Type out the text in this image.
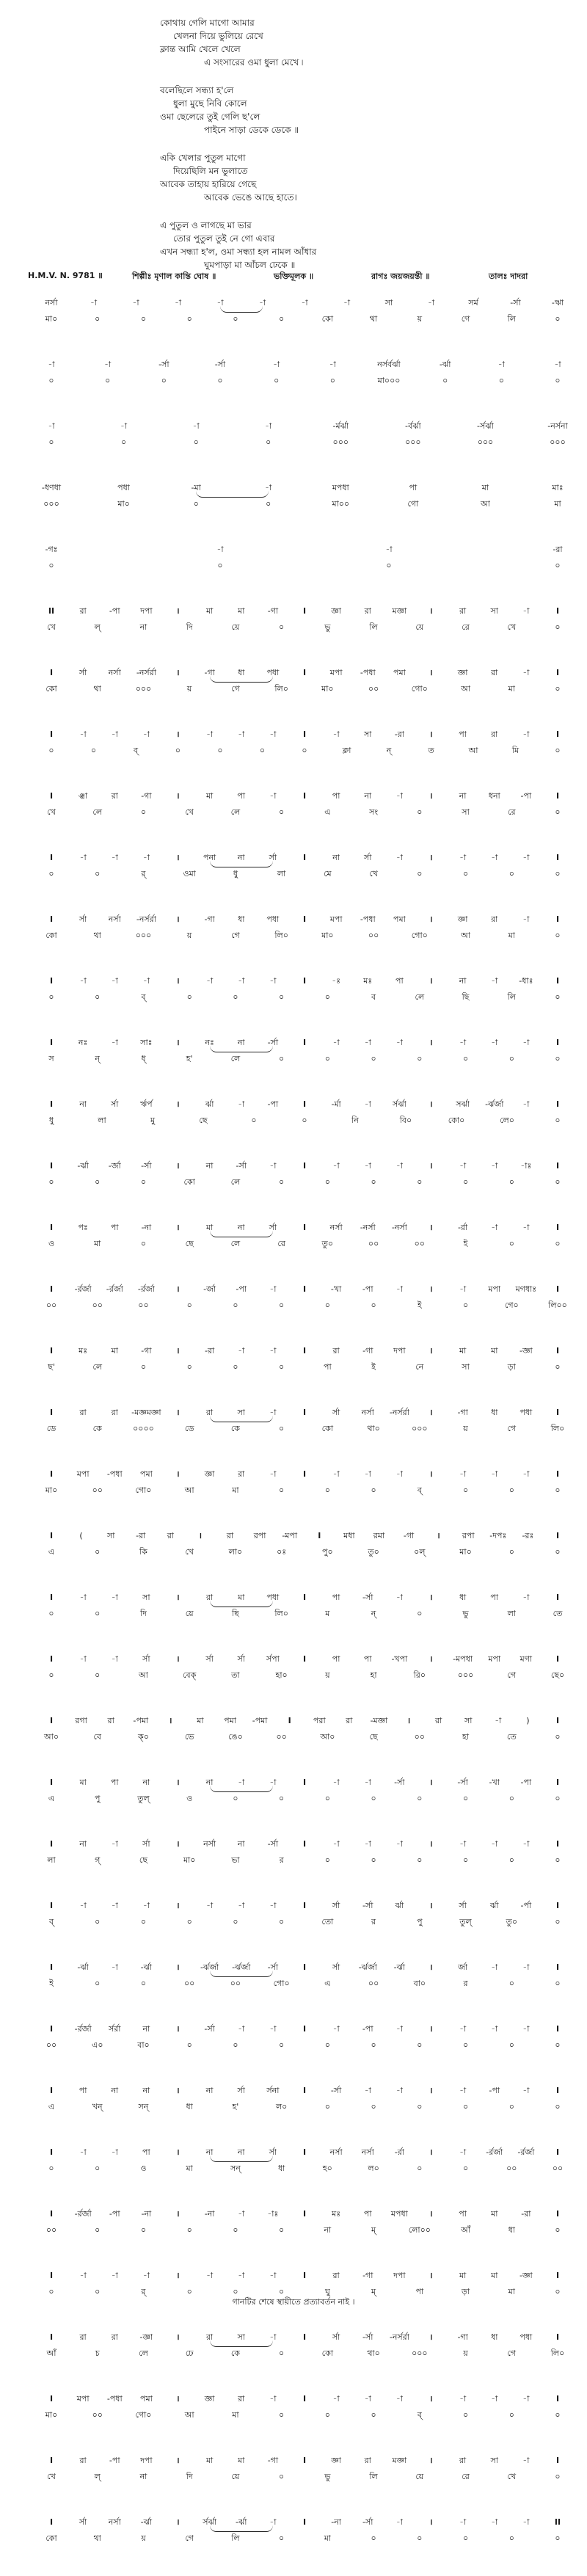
কোথায় গেলি মাগো আমার
খেলনা দিয়ে ভুলিয়ে রেখে
ক্লান্ত আমি খেলে খেলে
এ সংসারের ওমা ধুলা মেখে ৷
বলেছিলে সন্ধ্যা হ'লে
ধুলা মুছে নিবি কোলে
ওমা ছেলেরে তুই গেলি ছ'লে
পাইনে সাড়া ডেকে ডেকে ॥
একি খেলার পুতুল মাগো
দিয়েছিলি মন ভুলাতে
আবেক তাহায় হারিয়ে গেছে
আবেক ভেঙে আছে হাতে।
এ পুতুল ও লাগছে মা ভার
তোর পুতুল তুই নে গো এবার
এখন সন্ধ্যা হ'ল, ওমা সন্ধ্যা হল নামল আঁধার
ঘুমপাড়া মা আঁচল ঢেকে ॥
H.M.V. N. 9781 ॥	শিল্পীঃ মৃণাল কান্তি ঘোষ ॥	ভক্তিমূলক ॥	রাগঃ জয়জয়ন্তী ॥	তালঃ দাদরা
নর্সা	-া	-া	-া	-া	-া	-া	-া	সা	-া	সর্ম	-র্সা	-ঋা
মা০	০	০	০	০	০	কো	থা	য়	গে	লি	০
-া	-া	-র্সা	-র্সা	-া	-া	নর্সর্বর্ঝা	-র্ঝা	-া	-া
০	০	০	০	০	০	মা০০০	০	০	০
-া	-া	-া	-া	-র্মর্ঝা	-র্বর্ঝা	-র্সর্ঝা	-নর্সনা
০	০	০	০	০০০	০০০	০০০	০০০
-ধণধা	পধা	-মা	-া	মপধা	পা	মা	মাঃ
০০০	মা০	০	০	মা০০	গো	আ	মা
-গঃ	-া	-া	-রা
০	০	০	০
II	রা	-পা	দপা	।	মা	মা	-গা	I	জ্ঞা	রা	মজ্ঞা	।	রা	সা	-া	I
খে	ল্	না	দি	য়ে	০	ভু	লি	য়ে	রে	খে	০
I	র্সা	নর্সা -নর্সর্রা	।	-গা	ধা	পধা	I	মপা -পধা পমা	।	জ্ঞা	রা	-া	I
কো	থা	০০০	য়	গে	লি০	মা০	০০	গো০	আ	মা	০
I	-া	-া	-া	।	-া	-া	-া	I	-া	সা	-রা	।	পা	রা	-া	I
০	০	ব্	০	০	০	০	ক্লা	ন্	ত	আ	মি	০
I	ঞ্ঝা	রা	-গা	।	মা	পা	-া	I	পা	না	-া	।	না	ধনা	-পা	I
খে	লে	০	খে	লে	০	এ	সং	০	সা	রে	০
I	-া	-া	-া	।	পনা	না	র্সা	I	না	র্সা	-া	।	-া	-া	-া	I
০	০	র্	ওমা	ধু	লা	মে	খে	০	০	০	০
I	র্সা	নর্সা -নর্সর্রা	।	-গা	ধা	পধা	I	মপা -পধা পমা	।	জ্ঞা	রা	-া	I
কো	থা	০০০	য়	গে	লি০	মা০	০০	গো০	আ	মা	০
I	-া	-া	-া	।	-া	-া	-া	I	-ঃ	মঃ	পা	।	না	-া	-ধাঃ	I
০	০	ব্	০	০	০	০	ব	লে	ছি	লি	০
I	নঃ	-া	সাঃ	।	নঃ	না	-র্সা	I	-া	-া	-া	।	-া	-া	-া	I
স	ন্	ধ্	হ'	লে	০	০	০	০	০	০	০
I	না	র্সা	র্ঋর্প	।	র্ঝা	-া	-পা	I	-র্মা	-া	র্সর্ঝা	।	সর্ঝা -র্ঝর্জা -া	I
ধু	লা	মু	ছে	০	০	নি	বি০	কো০	লে০	০
I	-র্ঝা -র্জা -র্সা	।	না	-র্সা	-া	I	-া	-া	-া	।	-া	-া	-াঃ	I
০	০	০	কো	লে	০	০	০	০	০	০	০
I	পঃ	পা	-না	।	মা	না	র্সা	I	নর্সা -নর্সা -নর্সা	।	-র্রা	-া	-া	I
ও	মা	০	ছে	লে	রে	তু০	০০	০০	ই	০	০
I	-র্রর্জা -র্রর্জা -র্রর্জা	।	-র্জা -পা	-া	I	-খা	-পা	-া	।	-া	মপা মগধাঃ I
০০	০০	০০	০	০	০	০	০	ই	০	গে০	লি০০
I	মঃ	মা	-গা	।	-রা	-া	-া	I	রা	-গা	দপা	।	মা	মা	-জ্ঞা	I
ছ'	লে	০	০	০	০	পা	ই	নে	সা	ড়া	০
I	রা	রা -মজ্ঞমজ্ঞা ।	রা	সা	-া	I	র্সা	নর্সা -নর্সর্রা	।	-গা	ধা	পধা	I
ডে	কে	০০০০	ডে	কে	০	কো	থা০	০০০	য়	গে	লি০
I	মপা -পধা পমা	।	জ্ঞা	রা	-া	I	-া	-া	-া	।	-া	-া	-া	I
মা০	০০	গো০	আ	মা	০	০	০	ব্	০	০	০
I	(	সা	-রা	রা	।	রা	রপা -মপা	I	মধা রমা -গা	।	রপা -দপঃ -রঃ	I
এ	০	কি	খে	লা০	০ঃ	পু০	তু০	০ল্	মা০	০	০
I	-া	-া	সা	।	রা	মা	পধা	I	পা	-র্সা	-া	।	ধা	পা	-া	I
০	০	দি	য়ে	ছি	লি০	ম	ন্	০	ভু	লা	তে
I	-া	-া	র্সা	।	র্সা	র্সা	র্সপা	I	পা	পা -খপা	।	-মপধা মপা মগা	I
০	০	আ	বেক্	তা	হা০	য়	হা	রি০	০০০	গে	ছে০
I	রগা	রা -পমা	।	মা	পমা -পমা	I	পরা	রা -মজ্ঞা ।	রা	সা	-া	)	I
আ০	বে	ক্০	ভে	ঙে০	০০	আ০	ছে	০০	হা	তে	০
I	মা	পা	না	।	না	-া	-া	I	-া	-া	-র্সা	।	-র্সা	-খা	-পা	I
এ	পু	তুল্	ও	০	০	০	০	০	০	০	০
I	না	-া	র্সা	।	নর্সা	না	-র্সা	I	-া	-া	-া	।	-া	-া	-া	I
লা	গ্	ছে	মা০	ভা	র	০	০	০	০	০	০
I	-া	-া	-া	।	-া	-া	-া	I	র্সা	-র্সা	র্ঝা	।	র্সা	র্ঝা	-র্পা	I
ব্	০	০	০	০	০	তো	র	পু	তুল্	তু০	০
I	-র্ঝা	-া	-র্ঝা	।	-র্ঝর্জা -র্ঝর্জা -র্সা	I	র্সা -র্ঝর্জা -র্ঝা	।	র্জা	-া	-া	I
ই	০	০	০০	০০	গো০	এ	০০	বা০	র	০	০
I	-র্রর্জা র্সর্রা	না	।	-র্সা	-া	-া	I	-া	-পা	-া	।	-া	-া	-া	I
০০	এ০	বা০	০	০	০	০	০	০	০	০	০
I	পা	না	না	।	না	র্সা	র্সনা	I	-র্সা	-া	-া	।	-া	-পা	-া	I
এ	খন্	সন্	ধা	হ'	ল০	০	০	০	০	০	০
I	-া	-া	পা	।	না	না	র্সা	I	নর্সা নর্সা	-র্রা	।	-া -র্রর্জা -র্রর্জা	I
০	০	ও	মা	সন্	ধা	হ০	ল০	০	০	০০	০০
I	-র্রর্জা -পা	-না	।	-না	-া	-াঃ	I	মঃ	পা মপধা	।	পা	মা	-রা	I
০০	০	০	০	০	০	না	ম্	লো০০	আঁ	ধা	০
I	-া	-া	-া	।	-া	-া	-া	I	রা	-গা	দপা	।	মা	মা	-জ্ঞা	I
০	০	র্	০	০	০	ঘু	ম্	পা	ড়া	মা	০
I	রা	রা	-জ্ঞা	।	রা	সা	-া	I	র্সা	-র্সা -নর্সর্রা	।	-গা	ধা	পধা	I
আঁ	চ	লে	ঢে	কে	০	কো	থা০	০০০	য়	গে	লি০
I	মপা -পধা পমা	।	জ্ঞা	রা	-া	I	-া	-া	-া	।	-া	-া	-া	I
মা০	০০	গো০	আ	মা	০	০	০	ব্	০	০	০
I	রা	-পা	দপা	।	মা	মা	-গা	I	জ্ঞা	রা	মজ্ঞা	।	রা	সা	-া	I
খে	ল্	না	দি	য়ে	০	ভু	লি	য়ে	রে	খে	০
I	র্সা	নর্সা -র্ঝা	।	র্সর্ঝা -র্ঝা	-া	I	-না	-র্সা	-া	।	-া	-া	-া	II
কো	থা	য়	গে	লি	০	মা	০	০	০	০	০
গানটির শেষে স্থায়ীতে প্রত্যাবর্তন নাই ।
